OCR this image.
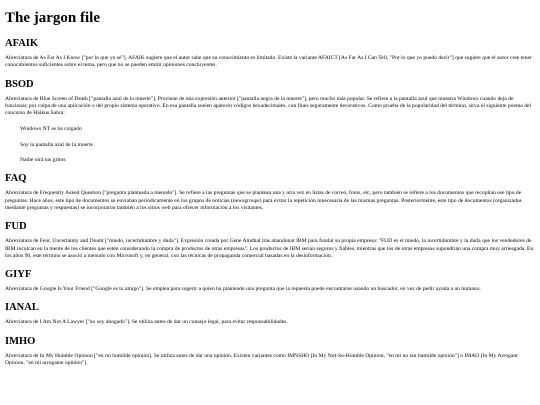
The jargon file
AFAIK

Abreviatura de As Far As I Know ["por lo que yo sé"]. AFAIK sugiere que el autor sabe que su conocimiento es limitado. Existe la variante AFAICT [As Far As I Can Tell, "Por lo que yo puedo decir"] que sugiere que el autor cree tener conocimientos suficientes sobre el tema, pero que no se pueden emitir opiniones concluyentes.

BSOD

Abreviatura de Blue Screen of Death ["pantalla azul de la muerte"]. Proviene de una expresión anterior ["pantalla negra de la muerte"], pero mucho más popular. Se refiere a la pantalla azul que muestra Windows cuando deja de funcionar, por culpa de una aplicación o del propio sistema operativo. En esa pantalla suelen aparecer códigos hexadecimales, con fines seguramente decorativos. Como prueba de la popularidad del término, sirva el siguiente poema del concurso de Haikus Salon:

Windows NT se ha colgado

Soy la pantalla azul de la muerte

Nadie oirá tus gritos

FAQ

Abreviatura de Frequently Asked Question ["pregunta planteada a menudo"]. Se refiere a las preguntas que se plantean una y otra vez en listas de correo, foros, etc, pero también se refiere a los documentos que recopilan ese tipo de preguntas. Hace años, este tipo de documentos se enviaban periódicamente en los grupos de noticias (newsgroups) para evitar la repetición innecesaria de las mismas preguntas. Posteriormente, este tipo de documentos (organizados mediante preguntas y respuestas) se incorporaron también a los sitios web para ofrecer información a los visitantes.

FUD

Abreviatura de Fear, Uncertainty and Doubt ["miedo, incertidumbre y duda"]. Expresión creada por Gene Amdhal tras abandonar IBM para fundar su propia empresa: "FUD es el miedo, la incertidumbre y la duda que los vendedores de IBM inculcan en la mente de los clientes que estén considerando la compra de productos de otras empresas". Los productos de IBM serían seguros y fiables, mientras que los de otras empresas supondrían una compra muy arriesgada. En los años 90, este término se asoció a menudo con Microsoft y, en general, con las técnicas de propaganda comercial basadas en la desinformación.

GIYF

Abreviatura de Google Is Your Friend ["Google es tu amigo"]. Se emplea para sugerir a quien ha planteado una pregunta que la repuesta puede encontrarse usando un buscador, en vez de pedir ayuda a un humano.

IANAL

Abreviatura de I Am Not A Lawyer ["no soy abogado"]. Se utiliza antes de dar un consejo legal, para evitar responsabilidades.

IMHO

Abreviatura de In My Humble Opinion ["en mi humilde opinión]. Se utiliza antes de dar una opinión. Existen variantes como IMNSHO [In My Not-So-Humble Opinion, "en mi no tan humilde opinión"] o IMAO [In My Arrogant Opinion, "en mi arrogante opinión"].
